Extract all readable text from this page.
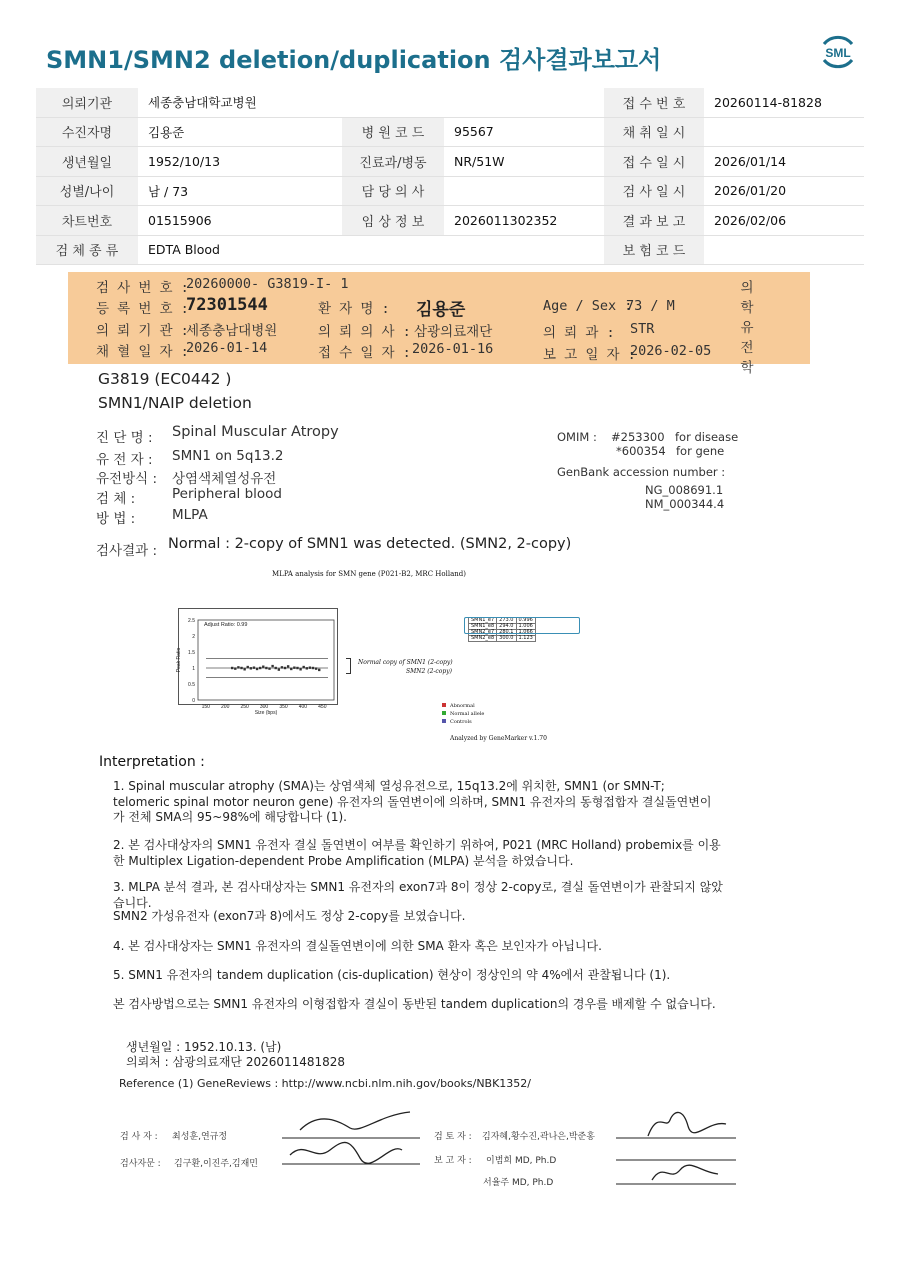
SMN1/SMN2 deletion/duplication 검사결과보고서	SML
의뢰기관	세종충남대학교병원			접 수 번 호	20260114-81828
수진자명	김용준	병 원 코 드	95567	채 취 일 시	
생년월일	1952/10/13	진료과/병동	NR/51W	접 수 일 시	2026/01/14
성별/나이	남 / 73	담 당 의 사		검 사 일 시	2026/01/20
차트번호	01515906	임 상 정 보	2026011302352	결 과 보 고	2026/02/06
검 체 종 류	EDTA Blood			보 험 코 드	
검 사 번 호 :
20260000- G3819-I- 1
등 록 번 호 :
72301544	환 자 명 : 김용준	Age / Sex :
73 / M
의 뢰 기 관 :
세종충남대병원	의 뢰 의 사 : 삼광의료재단	의 뢰 과 : STR
채 혈 일 자 :
2026-01-14	접 수 일 자 : 2026-01-16	보 고 일 자 :
2026-02-05
의학유전학
G3819 (EC0442 )
SMN1/NAIP deletion
진 단 명 : Spinal Muscular Atropy
유 전 자 : SMN1 on 5q13.2
유전방식 : 상염색체열성유전
검 체 :	Peripheral blood
방 법 :	MLPA
OMIM : #253300 for disease
*600354 for gene
GenBank accession number :
NG_008691.1
NM_000344.4
검사결과 : Normal : 2-copy of SMN1 was detected. (SMN2, 2-copy)
MLPA analysis for SMN gene (P021-B2, MRC Holland)
Adjust Ratio: 0.99
150 200 250 300 350 400 450
0
0.5
1
1.5
2
2.5
Size (bps)
Peak Ratio	Normal copy of SMN1 (2-copy)
SMN2 (2-copy)
SMN1_e7	273.0	0.996
SMN1_e8	294.0	1.006
SMN2_e7	280.1	1.066
SMN2_e8	300.0	1.123
Abnormal
Normal allele
Controls
Analyzed by GeneMarker v.1.70
Interpretation :
1. Spinal muscular atrophy (SMA)는 상염색체 열성유전으로, 15q13.2에 위치한, SMN1 (or SMN-T; telomeric spinal motor neuron gene) 유전자의 돌연변이에 의하며, SMN1 유전자의 동형접합자 결실돌연변이가 전체 SMA의 95~98%에 해당합니다 (1).
2. 본 검사대상자의 SMN1 유전자 결실 돌연변이 여부를 확인하기 위하여, P021 (MRC Holland) probemix를 이용한 Multiplex Ligation-dependent Probe Amplification (MLPA) 분석을 하였습니다.
3. MLPA 분석 결과, 본 검사대상자는 SMN1 유전자의 exon7과 8이 정상 2-copy로, 결실 돌연변이가 관찰되지 않았습니다.
SMN2 가성유전자 (exon7과 8)에서도 정상 2-copy를 보였습니다.
4. 본 검사대상자는 SMN1 유전자의 결실돌연변이에 의한 SMA 환자 혹은 보인자가 아닙니다.
5. SMN1 유전자의 tandem duplication (cis-duplication) 현상이 정상인의 약 4%에서 관찰됩니다 (1).
본 검사방법으로는 SMN1 유전자의 이형접합자 결실이 동반된 tandem duplication의 경우를 배제할 수 없습니다.
생년월일 : 1952.10.13. (남)
의뢰처 : 삼광의료재단 2026011481828
Reference (1) GeneReviews : http://www.ncbi.nlm.nih.gov/books/NBK1352/
검 사 자 : 최성훈,연규정
검사자문 : 김구환,이진주,김재민
검 토 자 : 김자혜,황수진,곽나은,박준홍
보 고 자 : 이범희 MD, Ph.D
서율주 MD, Ph.D
